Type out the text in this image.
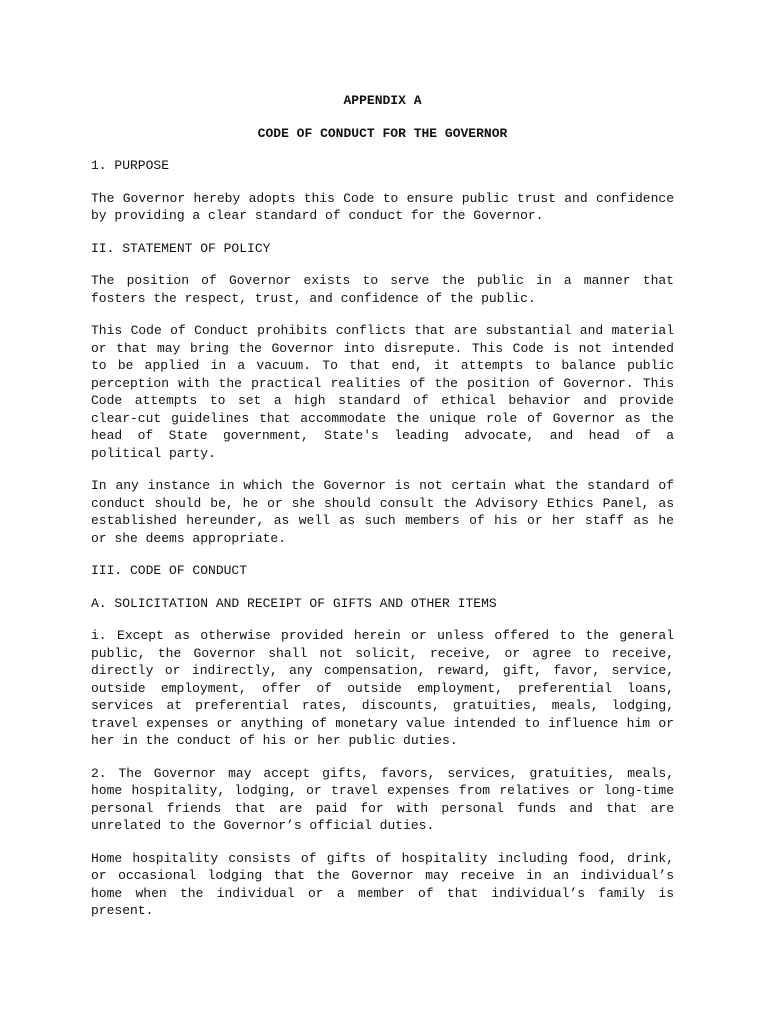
APPENDIX A

CODE OF CONDUCT FOR THE GOVERNOR

1. PURPOSE

The Governor hereby adopts this Code to ensure public trust and confidence by providing a clear standard of conduct for the Governor.

II. STATEMENT OF POLICY

The position of Governor exists to serve the public in a manner that fosters the respect, trust, and confidence of the public.

This Code of Conduct prohibits conflicts that are substantial and material or that may bring the Governor into disrepute. This Code is not intended to be applied in a vacuum. To that end, it attempts to balance public perception with the practical realities of the position of Governor. This Code attempts to set a high standard of ethical behavior and provide clear-cut guidelines that accommodate the unique role of Governor as the head of State government, State's leading advocate, and head of a political party.

In any instance in which the Governor is not certain what the standard of conduct should be, he or she should consult the Advisory Ethics Panel, as established hereunder, as well as such members of his or her staff as he or she deems appropriate.

III. CODE OF CONDUCT

A. SOLICITATION AND RECEIPT OF GIFTS AND OTHER ITEMS

i. Except as otherwise provided herein or unless offered to the general public, the Governor shall not solicit, receive, or agree to receive, directly or indirectly, any compensation, reward, gift, favor, service, outside employment, offer of outside employment, preferential loans, services at preferential rates, discounts, gratuities, meals, lodging, travel expenses or anything of monetary value intended to influence him or her in the conduct of his or her public duties.

2. The Governor may accept gifts, favors, services, gratuities, meals, home hospitality, lodging, or travel expenses from relatives or long-time personal friends that are paid for with personal funds and that are unrelated to the Governor’s official duties.

Home hospitality consists of gifts of hospitality including food, drink, or occasional lodging that the Governor may receive in an individual’s home when the individual or a member of that individual’s family is present.
